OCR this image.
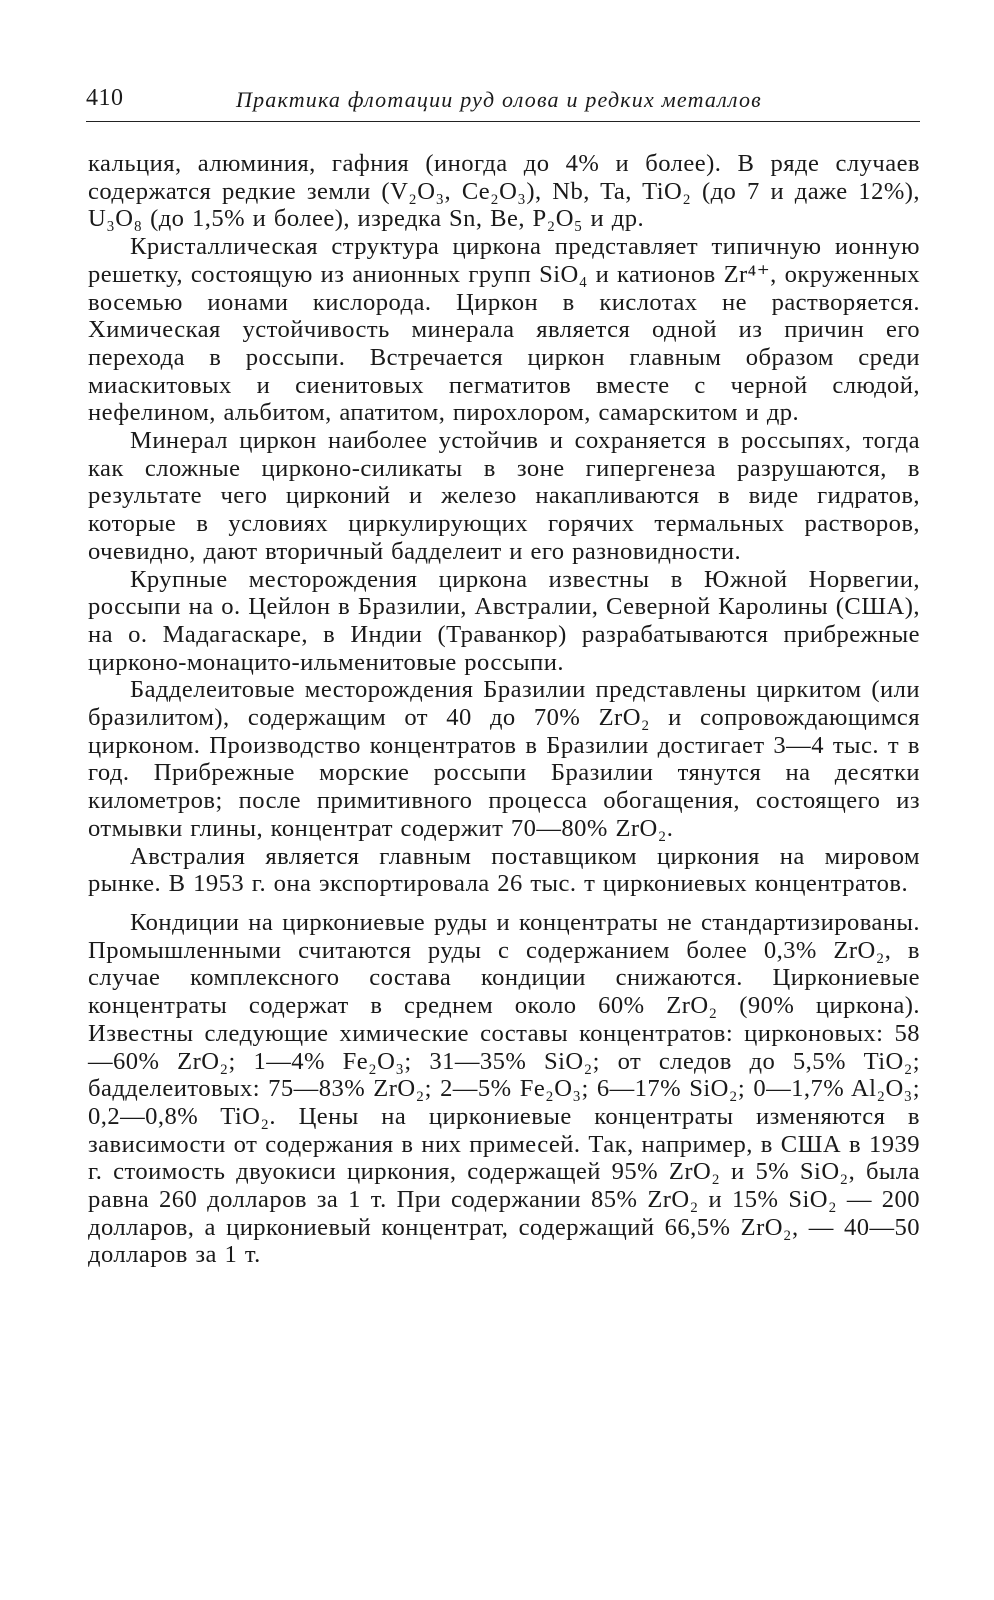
410	Практика флотации руд олова и редких металлов

кальция, алюминия, гафния (иногда до 4% и более). В ряде случаев содержатся редкие земли (V₂O₃, Ce₂O₃), Nb, Ta, TiO₂ (до 7 и даже 12%), U₃O₈ (до 1,5% и более), изредка Sn, Be, P₂O₅ и др.

Кристаллическая структура циркона представляет типичную ионную решетку, состоящую из анионных групп SiO₄ и катионов Zr⁴⁺, окруженных восемью ионами кислорода. Циркон в кислотах не растворяется. Химическая устойчивость минерала является одной из причин его перехода в россыпи. Встречается циркон главным образом среди миаскитовых и сиенитовых пегматитов вместе с черной слюдой, нефелином, альбитом, апатитом, пирохлором, самарскитом и др.

Минерал циркон наиболее устойчив и сохраняется в россыпях, тогда как сложные цирконо-силикаты в зоне гипергенеза разрушаются, в результате чего цирконий и железо накапливаются в виде гидратов, которые в условиях циркулирующих горячих термальных растворов, очевидно, дают вторичный бадделеит и его разновидности.

Крупные месторождения циркона известны в Южной Норвегии, россыпи на о. Цейлон в Бразилии, Австралии, Северной Каролины (США), на о. Мадагаскаре, в Индии (Траванкор) разрабатываются прибрежные цирконо-монацито-ильменитовые россыпи.

Бадделеитовые месторождения Бразилии представлены циркитом (или бразилитом), содержащим от 40 до 70% ZrO₂ и сопровождающимся цирконом. Производство концентратов в Бразилии достигает 3—4 тыс. т в год. Прибрежные морские россыпи Бразилии тянутся на десятки километров; после примитивного процесса обогащения, состоящего из отмывки глины, концентрат содержит 70—80% ZrO₂.

Австралия является главным поставщиком циркония на мировом рынке. В 1953 г. она экспортировала 26 тыс. т циркониевых концентратов.

Кондиции на циркониевые руды и концентраты не стандартизированы. Промышленными считаются руды с содержанием более 0,3% ZrO₂, в случае комплексного состава кондиции снижаются. Циркониевые концентраты содержат в среднем около 60% ZrO₂ (90% циркона). Известны следующие химические составы концентратов: цирконовых: 58—60% ZrO₂; 1—4% Fe₂O₃; 31—35% SiO₂; от следов до 5,5% TiO₂; бадделеитовых: 75—83% ZrO₂; 2—5% Fe₂O₃; 6—17% SiO₂; 0—1,7% Al₂O₃; 0,2—0,8% TiO₂. Цены на циркониевые концентраты изменяются в зависимости от содержания в них примесей. Так, например, в США в 1939 г. стоимость двуокиси циркония, содержащей 95% ZrO₂ и 5% SiO₂, была равна 260 долларов за 1 т. При содержании 85% ZrO₂ и 15% SiO₂ — 200 долларов, а циркониевый концентрат, содержащий 66,5% ZrO₂, — 40—50 долларов за 1 т.
